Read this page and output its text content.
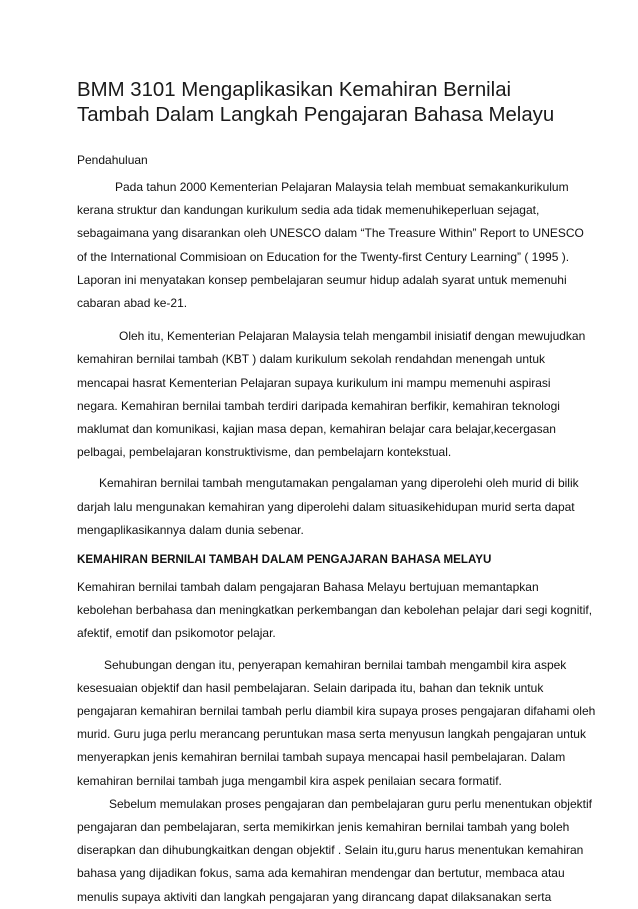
BMM 3101 Mengaplikasikan Kemahiran Bernilai
Tambah Dalam Langkah Pengajaran Bahasa Melayu
Pendahuluan
Pada tahun 2000 Kementerian Pelajaran Malaysia telah membuat semakankurikulum
kerana struktur dan kandungan kurikulum sedia ada tidak memenuhikeperluan sejagat,
sebagaimana yang disarankan oleh UNESCO dalam “The Treasure Within” Report to UNESCO
of the International Commisioan on Education for the Twenty-first Century Learning” ( 1995 ).
Laporan ini menyatakan konsep pembelajaran seumur hidup adalah syarat untuk memenuhi
cabaran abad ke-21.
Oleh itu, Kementerian Pelajaran Malaysia telah mengambil inisiatif dengan mewujudkan
kemahiran bernilai tambah (KBT ) dalam kurikulum sekolah rendahdan menengah untuk
mencapai hasrat Kementerian Pelajaran supaya kurikulum ini mampu memenuhi aspirasi
negara. Kemahiran bernilai tambah terdiri daripada kemahiran berfikir, kemahiran teknologi
maklumat dan komunikasi, kajian masa depan, kemahiran belajar cara belajar,kecergasan
pelbagai, pembelajaran konstruktivisme, dan pembelajarn kontekstual.
Kemahiran bernilai tambah mengutamakan pengalaman yang diperolehi oleh murid di bilik
darjah lalu mengunakan kemahiran yang diperolehi dalam situasikehidupan murid serta dapat
mengaplikasikannya dalam dunia sebenar.
KEMAHIRAN BERNILAI TAMBAH DALAM PENGAJARAN BAHASA MELAYU
Kemahiran bernilai tambah dalam pengajaran Bahasa Melayu bertujuan memantapkan
kebolehan berbahasa dan meningkatkan perkembangan dan kebolehan pelajar dari segi kognitif,
afektif, emotif dan psikomotor pelajar.
Sehubungan dengan itu, penyerapan kemahiran bernilai tambah mengambil kira aspek
kesesuaian objektif dan hasil pembelajaran. Selain daripada itu, bahan dan teknik untuk
pengajaran kemahiran bernilai tambah perlu diambil kira supaya proses pengajaran difahami oleh
murid. Guru juga perlu merancang peruntukan masa serta menyusun langkah pengajaran untuk
menyerapkan jenis kemahiran bernilai tambah supaya mencapai hasil pembelajaran. Dalam
kemahiran bernilai tambah juga mengambil kira aspek penilaian secara formatif.
Sebelum memulakan proses pengajaran dan pembelajaran guru perlu menentukan objektif
pengajaran dan pembelajaran, serta memikirkan jenis kemahiran bernilai tambah yang boleh
diserapkan dan dihubungkaitkan dengan objektif . Selain itu,guru harus menentukan kemahiran
bahasa yang dijadikan fokus, sama ada kemahiran mendengar dan bertutur, membaca atau
menulis supaya aktiviti dan langkah pengajaran yang dirancang dapat dilaksanakan serta
